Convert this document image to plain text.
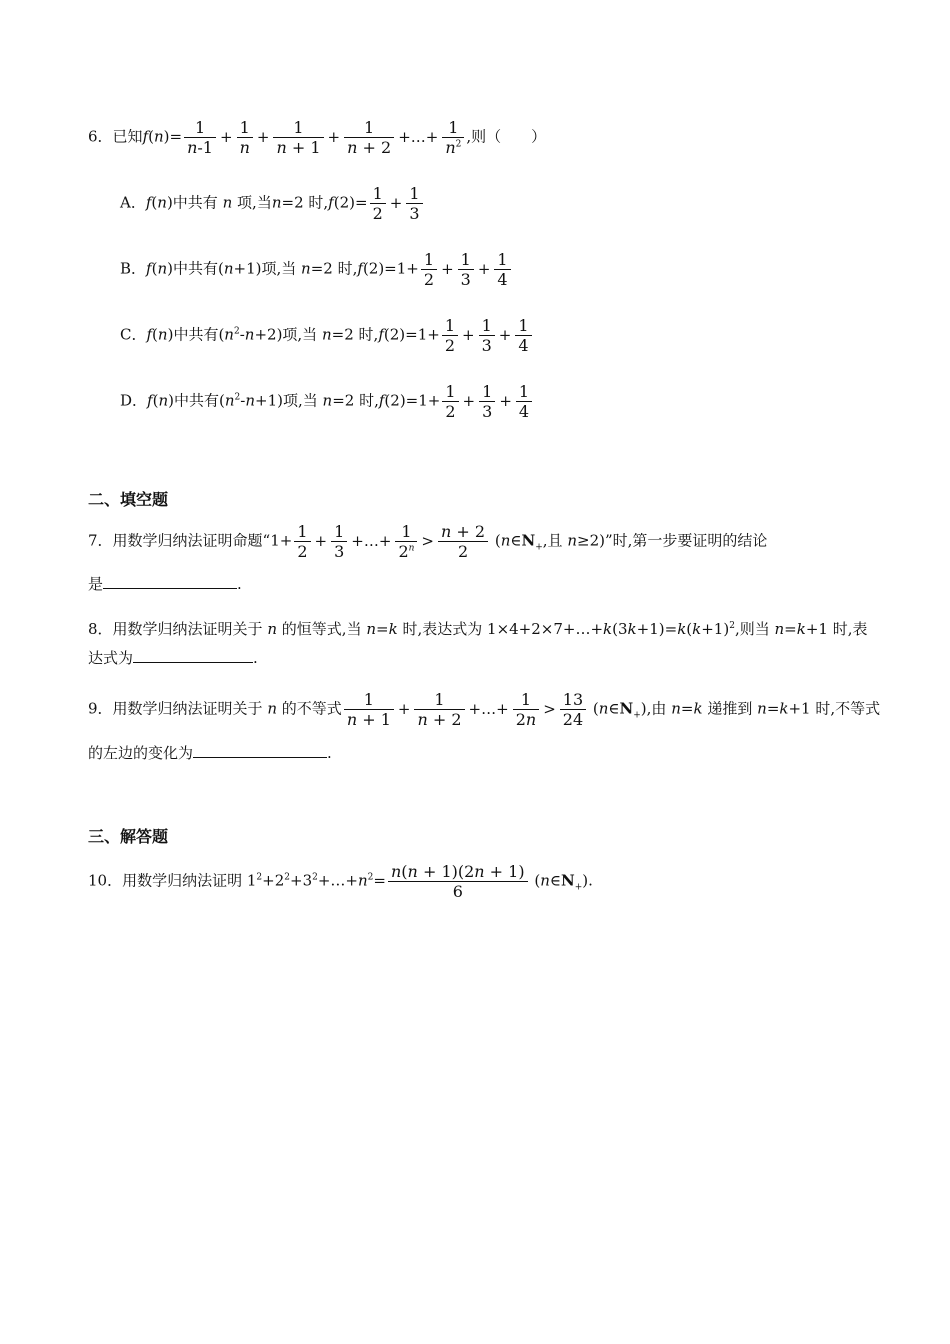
6．已知$f(n)= \frac{1}{n-1} + \frac{1}{n} + \frac{1}{n + 1} + \frac{1}{n + 2}$ +…+ $\frac{1}{n^2}$ ,则（　　）
A．f(n)中共有 n 项,当n=2 时$,f(2)= \frac{1}{2} + \frac{1}{3}$
B．f(n)中共有(n+1)项,当 n=2 时$,f(2)=1+ \frac{1}{2} + \frac{1}{3} + \frac{1}{4}$
C．f(n)中共有$(n^2-n+2)$项,当 n=2 时$,f(2)=1+ \frac{1}{2} + \frac{1}{3} + \frac{1}{4}$
D．f(n)中共有$(n^2-n+1)$项,当 n=2 时$,f(2)=1+ \frac{1}{2} + \frac{1}{3} + \frac{1}{4}$
二、填空题
7．用数学归纳法证明命题“$1+ \frac{1}{2} + \frac{1}{3}$ +…+ $\frac{1}{2^n} > \frac{n + 2}{2}$ ($n\in N_+$,且 n≥2)”时,第一步要证明的结论
是	.
8．用数学归纳法证明关于 n 的恒等式,当 n=k 时,表达式为 $1\times 4+2\times 7+\dots+k(3k+1)=k(k+1)^2$,则当 n=k+1 时,表
达式为	.
9．用数学归纳法证明关于 n 的不等式 $\frac{1}{n + 1} + \frac{1}{n + 2}$ +…+ $\frac{1}{2n} > \frac{13}{24}$ $(n\in N_+)$,由 n=k 递推到 n=k+1 时,不等式
的左边的变化为	.
三、解答题
10．用数学归纳法证明 $1^2+2^2+3^2+\dots+n^2= \frac{n(n + 1)(2n + 1)}{6}$ $(n\in N_+)$.
